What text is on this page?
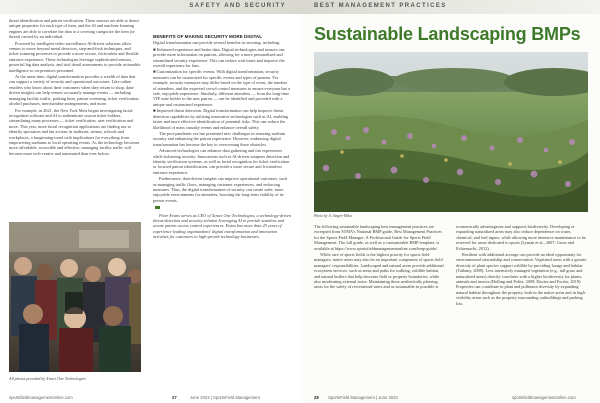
SAFETY AND SECURITY

threat identification and patron verification. These sensors are able to detect unique properties for each type of item, and the AI and machine learning engines are able to correlate the data to a coveting categorize the item (or threat) carried by an individual.

Powered by intelligent video surveillance AI-driven solutions allow venues to move beyond metal detectors, step-and-frisk techniques, and ticket scanning processes to provide a more secure, frictionless and flexible entrance experience. These technologies leverage sophisticated sensors, powerful big data analysis, and trial detail assessments to provide actionable intelligence to on-premises personnel.

At the same time, digital transformation provides a wealth of data that can support a variety of security and operational outcomes. Like online retailers who know about their customers when they return to shop, data-driven insights can help venues accurately manage events — including managing facility traffic, parking lines, patron screening, ticket verification, alcohol purchases, merchandise arrangements, and more.

For example, in 2021, the New York Mets began investigating facial recognition software and AI to authenticate season ticket holders, streamlining many processes — ticket verification, user verification and more. This year, more facial recognition applications are finding use to identify spectators and fan actions in stadiums, arenas, schools and workplaces, a burgeoning trend with implications for everything from empowering stadiums to local operating events. As the technology becomes more affordable, accessible and effective, managing facility traffic will become more tech-centric and automated than ever before.

All photos provided by Xtract One Technologies
BENEFITS OF MAKING SECURITY MORE DIGITAL

Digital transformation can provide several benefits in securing, including:

■ Enhanced experience and better data. Digital technologies and sensors can provide more information on patrons, allowing for a more personalized and streamlined security experience. This can reduce wait times and improve the overall experience for fans.

■ Customization for specific events. With digital transformation, security measures can be customized for specific events and types of patrons. For example, security measures may differ based on the type of event, the number of attendees, and the expected crowd control measures to ensure everyone has a safe, enjoyable experience. Similarly, different attendees — from the long-time VIP suite holder to the new patron — can be identified and provided with a unique and customized experience.

■ Improved threat detection. Digital transformation can help improve threat detection capabilities by utilizing innovative technologies such as AI, enabling faster and more effective identification of potential risks. This can reduce the likelihood of mass casualty events and enhance overall safety.

The post-pandemic era has presented new challenges in ensuring stadium security and enhancing the patron experience. However, embracing digital transformation has become the key to overcoming these obstacles.

Advanced technologies can enhance data gathering and fan experiences while bolstering security. Innovations such as AI-driven weapons detection and identity verification systems, as well as facial recognition for ticket verification or focused patron identification, can provide a more secure and frictionless entrance experience.

Furthermore, data-driven insights can improve operational outcomes, such as managing traffic flows, managing customer experiences, and enforcing measures. Thus, the digital transformation of security can create safer, more enjoyable environments for attendees, boosting the long-term viability of in-person events.

Peter Evans serves as CEO of Xtract One Technologies, a technology-driven threat-detection and security solution leveraging AI to provide seamless and secure patron access control experiences. Evans has more than 25 years of experience leading organizations' digital transformation and innovation activities for customers in high-growth technology businesses.

sportsfieldmanagementonline.com	27	June 2023 | SportsField Management
BEST MANAGEMENT PRACTICES
Sustainable Landscaping BMPs
Photo by A. Singer-Miles

The following sustainable landscaping best management practices are excerpted from STMA's National BMP guide, Best Management Practices for the Sports Field Manager: A Professional Guide for Sports Field Management. The full guide, as well as a customizable BMP template, is available at https://www.sportsfieldmanagementonline.com/bmp-guide/.

While care of sports fields is the highest priority for sports field managers, native areas may also be an important component of sports field managers' responsibilities. Landscaped and natural areas provide additional ecosystem services, such as areas and paths for walking, wildlife habitat, and natural buffers that help decrease field or property boundaries, while also moderating external noise. Maintaining these aesthetically pleasing areas for the safety of recreational users and as sustainable as possible is

economically advantageous and supports biodiversity. Developing or expanding naturalized areas may also reduce dependence on water, chemical, and fuel inputs, while allowing more intensive maintenance to be reserved for areas dedicated to sports (Lyman et al., 2007; Gross and Echternacht, 2012).

Resilient with additional acreage can provide an ideal opportunity for environmental stewardship and conservation. Vegetated areas with a greater diversity of plant species support wildlife by providing forage and habitat (Tallamy, 2009). Less intensively managed vegetation (e.g., tall grass and naturalized areas) directly correlates with a higher biodiversity for plants, animals and insects (Holling and Politz, 2009; Davies and Fortier, 2019). Properties can contribute to plant and pollinator diversity by expanding natural habitat throughout the property, both in the native areas and in high-visibility areas such as the property surrounding outbuildings and parking lots.

28 SportsField Management | June 2023	sportsfieldmanagementonline.com
